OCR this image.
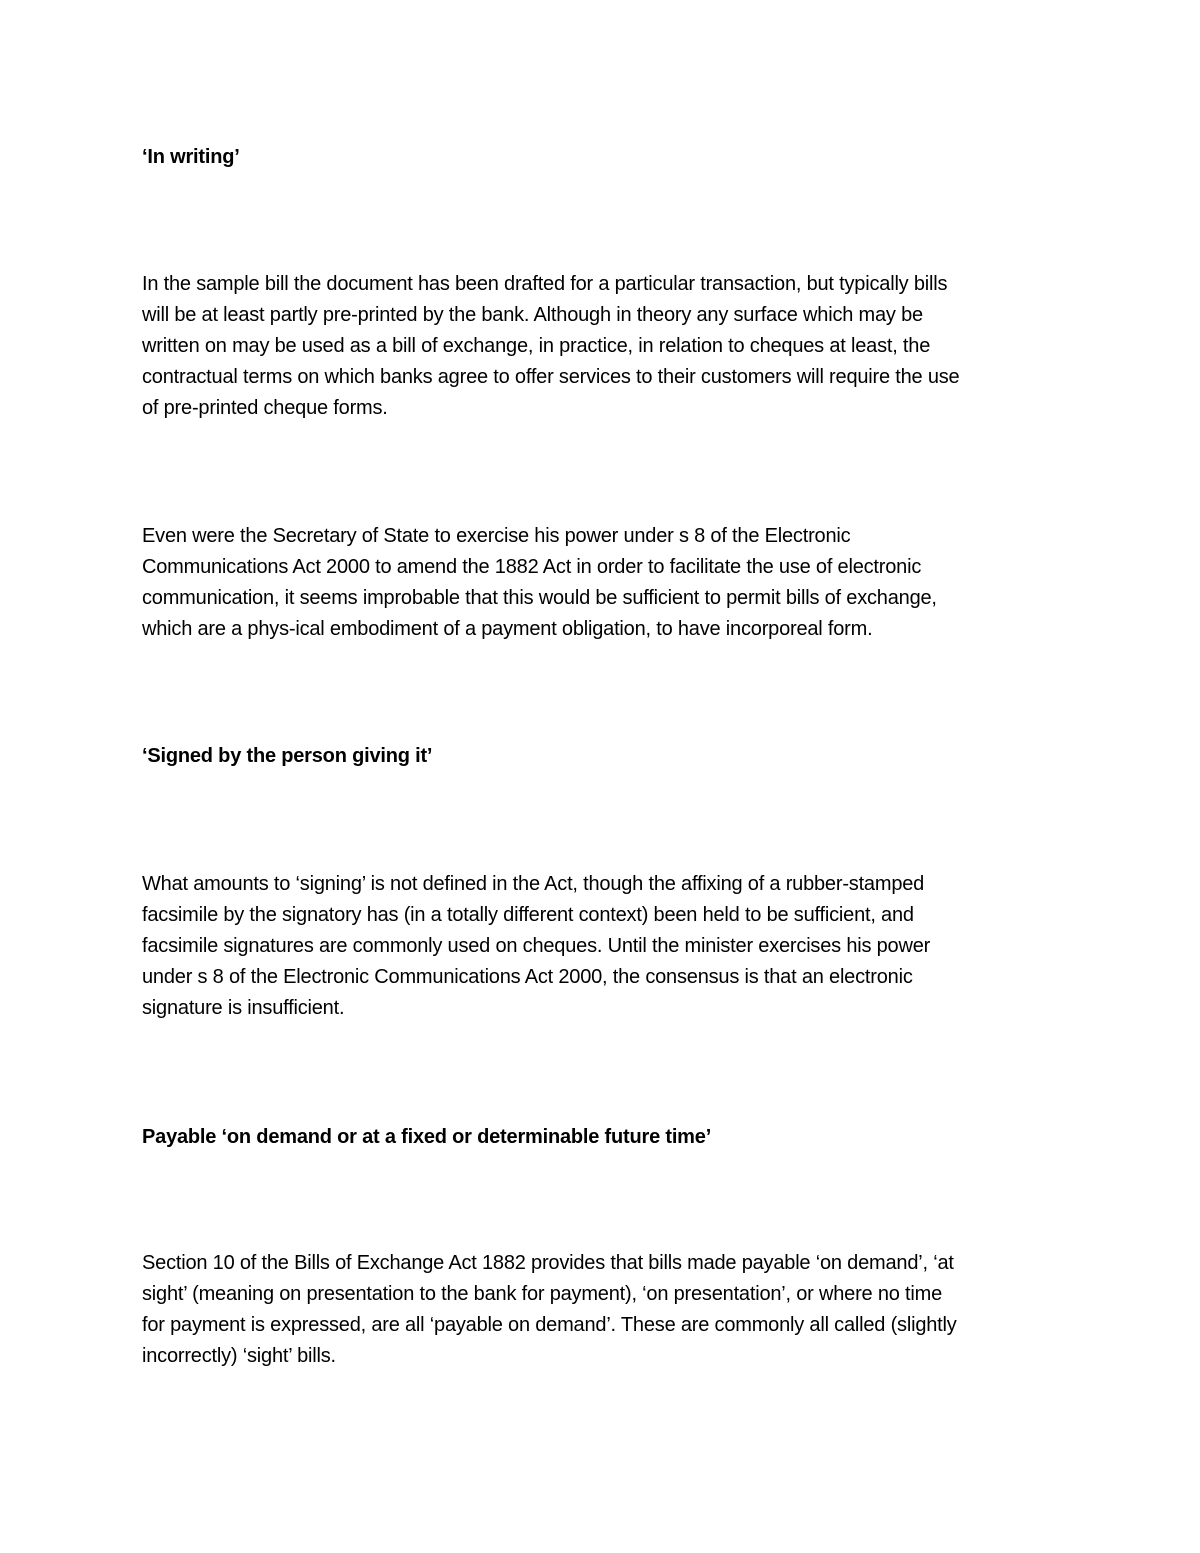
‘In writing’
In the sample bill the document has been drafted for a particular transaction, but typically bills
will be at least partly pre-printed by the bank. Although in theory any surface which may be
written on may be used as a bill of exchange, in practice, in relation to cheques at least, the
contractual terms on which banks agree to offer services to their customers will require the use
of pre-printed cheque forms.
Even were the Secretary of State to exercise his power under s 8 of the Electronic
Communications Act 2000 to amend the 1882 Act in order to facilitate the use of electronic
communication, it seems improbable that this would be sufficient to permit bills of exchange,
which are a phys-ical embodiment of a payment obligation, to have incorporeal form.
‘Signed by the person giving it’
What amounts to ‘signing’ is not defined in the Act, though the affixing of a rubber-stamped
facsimile by the signatory has (in a totally different context) been held to be sufficient, and
facsimile signatures are commonly used on cheques. Until the minister exercises his power
under s 8 of the Electronic Communications Act 2000, the consensus is that an electronic
signature is insufficient.
Payable ‘on demand or at a fixed or determinable future time’
Section 10 of the Bills of Exchange Act 1882 provides that bills made payable ‘on demand’, ‘at
sight’ (meaning on presentation to the bank for payment), ‘on presentation’, or where no time
for payment is expressed, are all ‘payable on demand’. These are commonly all called (slightly
incorrectly) ‘sight’ bills.
